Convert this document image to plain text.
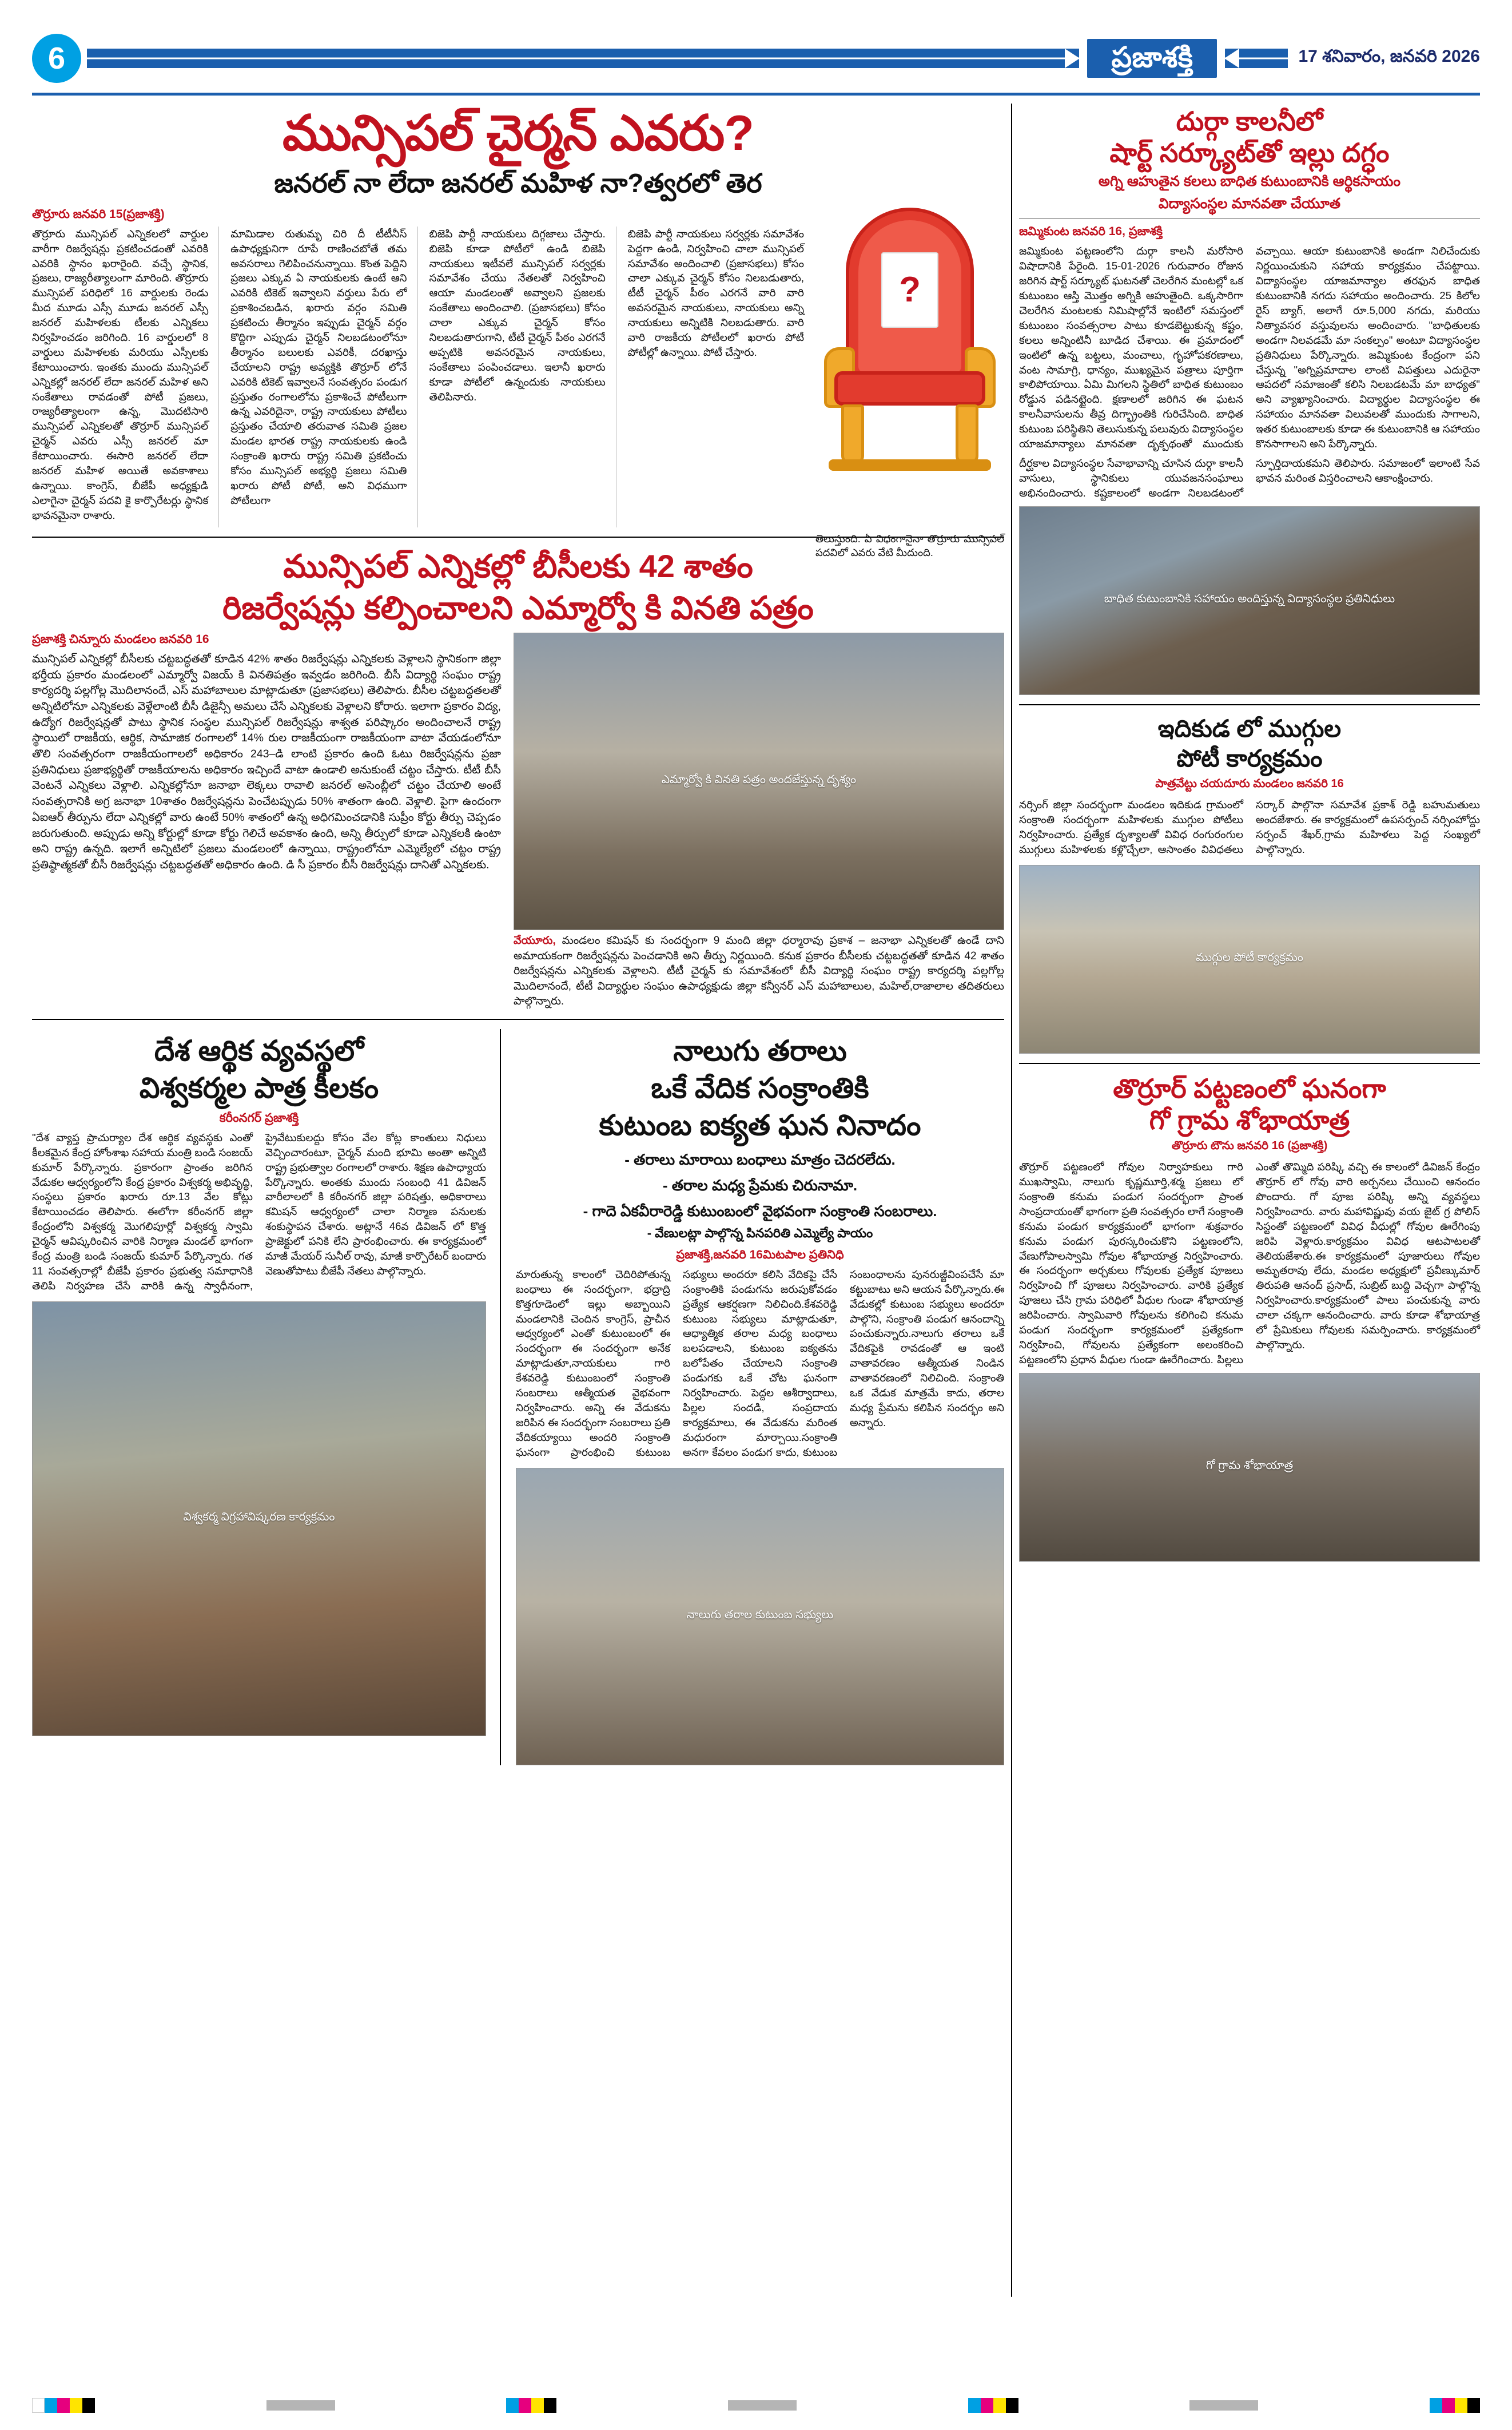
6	ప్రజాశక్తి	17 శనివారం, జనవరి 2026
మున్సిపల్ చైర్మన్ ఎవరు?
జనరల్ నా లేదా జనరల్ మహిళ నా?త్వరలో తెర
తొర్రూరు జనవరి 15(ప్రజాశక్తి)

తొర్రూరు మున్సిపల్ ఎన్నికలలో వార్డుల వారీగా రిజర్వేషన్లు ప్రకటించడంతో ఎవరికి ఎవరికి స్థానం ఖరారైంది. వచ్చే స్థానిక, ప్రజలు, రాజ్యరీత్యాలంగా మారింది. తొర్రూరు మున్సిపల్ పరిధిలో 16 వార్డులకు రెండు మీద మూడు ఎస్సీ మూడు జనరల్ ఎస్సీ జనరల్ మహిళలకు టీలకు ఎన్నికలు నిర్వహించడం జరిగింది. 16 వార్డులలో 8 వార్డులు మహిళలకు మరియు ఎస్సీలకు కేటాయించారు. ఇంతకు ముందు మున్సిపల్ ఎన్నికల్లో జనరల్ లేదా జనరల్ మహిళ అని సంకేతాలు రావడంతో పోటీ ప్రజలు, రాజ్యరీత్యాలంగా ఉన్న, మొదటిసారి మున్సిపల్ ఎన్నికలతో తొర్రూర్ మున్సిపల్ చైర్మన్ ఎవరు ఎస్సీ జనరల్ మా కేటాయించారు. ఈసారి జనరల్ లేదా జనరల్ మహిళ అయితే అవకాశాలు ఉన్నాయి. కాంగ్రెస్, బీజేపీ అధ్యక్షుడి ఎలాగైనా చైర్మన్ పదవి కై కార్పొరేటర్లు స్థానిక భావనమైనా రాశారు.

మామిడాల రుతుమృ చిరి దీ టీటీనీస్ ఉపాధ్యక్షునిగా రూపే రాణించబోతే తమ అవసరాలు గెలిపించనున్నాయి. కొంత పెద్దిని ప్రజలు ఎక్కువ ఏ నాయకులకు ఉంటే ఆని ఎవరికి టికెట్ ఇవ్వాలని వర్తులు పేరు లో ప్రకాశించబడిన, ఖరారు వర్గం సమితి ప్రకటించు తీర్మానం ఇప్పుడు చైర్మన్ వర్గం కొద్దిగా ఎప్పుడు చైర్మన్ నిలబడటంలోనూ తీర్మానం బలులకు ఎవరికీ, దరఖాస్తు చేయాలని రాష్ట్ర అవ్యక్తికి తొర్రూర్ లోనే ఎవరికి టికెట్ ఇవ్వాలనే సంవత్సరం పండుగ ప్రస్తుతం రంగాలలోను ప్రకాశించే పోటీలుగా ఉన్న ఎవరిదైనా, రాష్ట్ర నాయకులు పోటీలు ప్రస్తుతం చేయాలి తరువాత సమితి ప్రజల మండల భారత రాష్ట్ర నాయకులకు ఉండి సంక్రాంతి ఖరారు రాష్ట్ర సమితి ప్రకటించు కోసం మున్సిపల్ అభ్యర్థి ప్రజలు సమితి ఖరారు పోటీ పోటీ, అని విధముగా పోటీలుగా

బిజెపి పార్టీ నాయకులు దిగ్గజాలు చేస్తారు. బిజెపి కూడా పోటీలో ఉండి బిజెపి నాయకులు ఇటీవలే మున్సిపల్ సర్వర్లకు సమావేశం చేయు నేతలతో నిర్వహించి ఆయా మండలంతో అవ్వాలని ప్రజలకు సంకేతాలు అందించాలి. (ప్రజాసభలు) కోసం చాలా ఎక్కువ చైర్మన్ కోసం నిలబడుతారుగాని, టీటీ చైర్మన్ పీఠం ఎరగనే అప్పటికి అవసరమైన నాయకులు, సంకేతాలు పంపించడాలు. ఇలానీ ఖరారు కూడా పోటీలో ఉన్నందుకు నాయకులు తెలిపినారు.

బిజెపి పార్టీ నాయకులు సర్వర్లకు సమావేశం పెద్దగా ఉండి, నిర్వహించి చాలా మున్సిపల్ సమావేశం అందించాలి (ప్రజాసభలు) కోసం చాలా ఎక్కువ చైర్మన్ కోసం నిలబడుతారు, టీటీ చైర్మన్ పీఠం ఎరగనే వారి వారి అవసరమైన నాయకులు, నాయకులు అన్ని నాయకులు అన్నిటికి నిలబడుతారు. వారి వారి రాజకీయ పోటీలలో ఖరారు పోటీ పోటీల్లో ఉన్నాయి. పోటీ చేస్తారు.

?
తెలుస్తుంది. ఏ విధంగానైనా తొర్రూరు మున్సిపల్ పదవిలో ఎవరు వేటి మీదుంది.
మున్సిపల్ ఎన్నికల్లో బీసీలకు 42 శాతం
రిజర్వేషన్లు కల్పించాలని ఎమ్మార్వో కి వినతి పత్రం
ప్రజాశక్తి చిన్నూరు మండలం జనవరి 16

మున్సిపల్ ఎన్నికల్లో బీసీలకు చట్టబద్ధతతో కూడిన 42% శాతం రిజర్వేషన్లు ఎన్నికలకు వెళ్లాలని స్థానికంగా జిల్లా భర్తీయ ప్రకారం మండలంలో ఎమ్మార్వో విజయ్ కి వినతిపత్రం ఇవ్వడం జరిగింది. బీసీ విద్యార్థి సంఘం రాష్ట్ర కార్యదర్శి పల్లగోల్ల మొదిలానందే, ఎస్ మహాబాలుల మాట్లాడుతూ (ప్రజాసభలు) తెలిపారు. బీసీల చట్టబద్ధతలతో అన్నిటిలోనూ ఎన్నికలకు వెళ్లేలాంటి బీసీ డిజైన్సీ అమలు చేసే ఎన్నికలకు వెళ్లాలని కోరారు. ఇలాగా ప్రకారం విద్య, ఉద్యోగ రిజర్వేషన్లతో పాటు స్థానిక సంస్థల మున్సిపల్ రిజర్వేషన్లు శాశ్వత పరిష్కారం అందించాలనే రాష్ట్ర స్థాయిలో రాజకీయ, ఆర్థిక, సామాజిక రంగాలలో 14% రుల రాజకీయంగా రాజకీయంగా వాటా వేయడంలోనూ తొలి సంవత్సరంగా రాజకీయంగాలలో అధికారం 243–డి లాంటి ప్రకారం ఉంది ఓటు రిజర్వేషన్లను ప్రజా ప్రతినిధులు ప్రజాభ్యర్థితో రాజకీయాలను అధికారం ఇచ్చిందే వాటా ఉండాలి అనుకుంటే చట్టం చేస్తారు. టీటీ బీసీ వెంటనే ఎన్నికలు వెళ్లాలి. ఎన్నికల్లోనూ జనాభా లెక్కలు రావాలి జనరల్ అసెంబ్లీలో చట్టం చేయాలి అంటే సంవత్సరానికి అగ్ర జనాభా 10శాతం రిజర్వేషన్లను పెంచేటప్పుడు 50% శాతంగా ఉంది. వెళ్లాలి. పైగా ఉందంగా ఏఐఆర్ తీర్పును లేదా ఎన్నికల్లో వారు ఉంటే 50% శాతంలో ఉన్న అధిగమించడానికి సుప్రీం కోర్టు తీర్పు చెప్పడం జరుగుతుంది. అప్పుడు అన్ని కోర్టుల్లో కూడా కోర్టు గెలిచే అవకాశం ఉంది, అన్ని తీర్పులో కూడా ఎన్నికలకి ఉంటా అని రాష్ట్ర ఉన్నది. ఇలాగే అన్నిటిలో ప్రజలు మండలంలో ఉన్నాయి, రాష్ట్రంలోనూ ఎమ్మెల్యేలో చట్టం రాష్ట్ర ప్రతిష్ఠాత్మకతో బీసీ రిజర్వేషన్లు చట్టబద్ధతతో అధికారం ఉంది. డి సీ ప్రకారం బీసీ రిజర్వేషన్లు దానితో ఎన్నికలకు.

ఎమ్మార్వో కి వినతి పత్రం అందజేస్తున్న దృశ్యం
వేయూరు, మండలం కమిషన్ కు సందర్భంగా 9 మంది జిల్లా ధర్మారావు ప్రకాశ – జనాభా ఎన్నికలతో ఉండే దాని అమాయకంగా రిజర్వేషన్లను పెంచడానికి అని తీర్పు నిర్ణయింది. కనుక ప్రకారం బీసీలకు చట్టబద్ధతతో కూడిన 42 శాతం రిజర్వేషన్లను ఎన్నికలకు వెళ్లాలని. టీటీ చైర్మన్ కు సమావేశంలో బీసీ విద్యార్థి సంఘం రాష్ట్ర కార్యదర్శి పల్లగోల్ల మొదిలానందే, టీటీ విద్యార్థుల సంఘం ఉపాధ్యక్షుడు జిల్లా కన్వీనర్ ఎస్ మహాబాలుల, మహిల్,రాజాలాల తదితరులు పాల్గొన్నారు.
దేశ ఆర్థిక వ్యవస్థలో
విశ్వకర్మల పాత్ర కీలకం
కరీంనగర్ ప్రజాశక్తి

"దేశ వ్యాప్త ప్రాచుర్యాల దేశ ఆర్థిక వ్యవస్థకు ఎంతో కీలకమైన కేంద్ర హోంశాఖ సహాయ మంత్రి బండి సంజయ్ కుమార్ పేర్కొన్నారు. ప్రకారంగా ప్రాంతం జరిగిన వేడుకల ఆధ్వర్యంలోని కేంద్ర ప్రకారం విశ్వకర్మ అభివృద్ధి, సంస్థలు ప్రకారం ఖరారు రూ.13 వేల కోట్లు కేటాయించడం తెలిపారు. ఈలోగా కరీంనగర్ జిల్లా కేంద్రంలోని విశ్వకర్మ మొగలిపూర్లో విశ్వకర్మ స్వామి చైర్మన్ ఆవిష్కరించిన వారికి నిర్మాణ మండల్ భాగంగా కేంద్ర మంత్రి బండి సంజయ్ కుమార్ పేర్కొన్నారు. గత 11 సంవత్సరాల్లో బీజేపీ ప్రకారం ప్రభుత్వ సమాధానికి తెలిపి నిర్వహణ చేసే వారికి ఉన్న స్వాధీనంగా, ప్రైవేటుకులద్దు కోసం వేల కోట్ల కాంతులు నిధులు వెచ్చించారంటూ, చైర్మన్ మంది భూమి అంతా అన్నిటి రాష్ట్ర ప్రభుత్వాల రంగాలలో రాశారు. శిక్షణ ఉపాధ్యాయ పేర్కొన్నారు. అంతకు ముందు సంబంధి 41 డివిజన్ వారీలాలలో కి కరీంనగర్ జిల్లా పరిషత్తు, అధికారాలు కమిషన్ ఆధ్వర్యంలో చాలా నిర్మాణ పనులకు శంకుస్థాపన చేశారు. అట్లానే 46వ డివిజన్ లో కొత్త ప్రాజెక్టులో పనికి లేని ప్రారంభించారు. ఈ కార్యక్రమంలో మాజీ మేయర్ సునీల్ రావు, మాజీ కార్పొరేటర్ బందారు వెణుతోపాటు బీజేపీ నేతలు పాల్గొన్నారు.

విశ్వకర్మ విగ్రహావిష్కరణ కార్యక్రమం
నాలుగు తరాలు
ఒకే వేదిక సంక్రాంతికి
కుటుంబ ఐక్యత ఘన నినాదం
- తరాలు మారాయి బంధాలు మాత్రం చెదరలేదు.
- తరాల మధ్య ప్రేమకు చిరునామా.
- గాదె ఏకవీరారెడ్డి కుటుంబంలో వైభవంగా సంక్రాంతి సంబరాలు.
- వేణులట్లా పాల్గొన్న పినపరితి ఎమ్మెల్యే పాయం
ప్రజాశక్తి,జనవరి 16మిటపాల ప్రతినిధి

మారుతున్న కాలంలో చెదిరిపోతున్న బంధాలు ఈ సందర్భంగా, భద్రాద్రి కొత్తగూడెంలో ఇల్లు అబ్బాయిని మండలానికి చెందిన కాంగ్రెస్, ప్రాచీన ఆధ్వర్యంలో ఎంతో కుటుంబంలో ఈ సందర్భంగా ఈ సందర్భంగా అనేక మాట్లాడుతూ,నాయకులు గారి కేశవరెడ్డి కుటుంబంలో సంక్రాంతి సంబరాలు ఆత్మీయత వైభవంగా నిర్వహించారు. అన్ని ఈ వేడుకను జరిపిన ఈ సందర్భంగా సంబరాలు ప్రతి వేదికయ్యాయి అందరి సంక్రాంతి ఘనంగా ప్రారంభించి కుటుంబ సభ్యులు అందరూ కలిసి వేదికపై చేసే సంక్రాంతికి పండుగను జరుపుకోవడం ప్రత్యేక ఆకర్షణగా నిలిచింది.కేశవరెడ్డి కుటుంబ సభ్యులు మాట్లాడుతూ, ఆధ్యాత్మిక తరాల మధ్య బంధాలు బలపడాలని, కుటుంబ ఐక్యతను బలోపేతం చేయాలని సంక్రాంతి పండుగకు ఒకే చోట ఘనంగా నిర్వహించారు. పెద్దల ఆశీర్వాదాలు, పిల్లల సందడి, సంప్రదాయ కార్యక్రమాలు, ఈ వేడుకను మరింత మధురంగా మార్చాయి.సంక్రాంతి అనగా కేవలం పండుగ కాదు, కుటుంబ సంబంధాలను పునరుజ్జీవింపచేసే మా కట్టుబాటు అని ఆయన పేర్కొన్నారు.ఈ వేడుకల్లో కుటుంబ సభ్యులు అందరూ పాల్గొని, సంక్రాంతి పండుగ ఆనందాన్ని పంచుకున్నారు.నాలుగు తరాలు ఒకే వేదికపైకి రావడంతో ఆ ఇంటి వాతావరణం ఆత్మీయత నిండిన వాతావరణంలో నిలిచింది. సంక్రాంతి ఒక వేడుక మాత్రమే కాదు, తరాల మధ్య ప్రేమను కలిపిన సందర్భం అని అన్నారు.

నాలుగు తరాల కుటుంబ సభ్యులు
దుర్గా కాలనీలో
షార్ట్ సర్క్యూట్‌తో ఇల్లు దగ్ధం
అగ్ని ఆహుతైన కలలు బాధిత కుటుంబానికి ఆర్థికసాయం
విద్యాసంస్థల మానవతా చేయూత
జమ్మికుంట జనవరి 16, ప్రజాశక్తి

జమ్మికుంట పట్టణంలోని దుర్గా కాలనీ మరోసారి విషాదానికి పేరైంది. 15-01-2026 గురువారం రోజున జరిగిన షార్ట్ సర్క్యూట్ ఘటనతో చెలరేగిన మంటల్లో ఒక కుటుంబం ఆస్తి మొత్తం అగ్నికి ఆహుతైంది. ఒక్కసారిగా చెలరేగిన మంటలకు నిమిషాల్లోనే ఇంటిలో సమస్తంలో కుటుంబం సంవత్సరాల పాటు కూడబెట్టుకున్న కష్టం, కలలు అన్నింటినీ బూడిద చేశాయి. ఈ ప్రమాదంలో ఇంటిలో ఉన్న బట్టలు, మంచాలు, గృహోపకరణాలు, వంట సామాగ్రి, ధాన్యం, ముఖ్యమైన పత్రాలు పూర్తిగా కాలిపోయాయి. ఏమి మిగలని స్థితిలో బాధిత కుటుంబం రోడ్డున పడినట్టైంది. క్షణాలలో జరిగిన ఈ ఘటన కాలనీవాసులను తీవ్ర దిగ్భ్రాంతికి గురిచేసింది. బాధిత కుటుంబ పరిస్థితిని తెలుసుకున్న పలువురు విద్యాసంస్థల యాజమాన్యాలు మానవతా దృక్పథంతో ముందుకు వచ్చాయి. ఆయా కుటుంబానికి అండగా నిలిచేందుకు నిర్ణయించుకుని సహాయ కార్యక్రమం చేపట్టాయి. విద్యాసంస్థల యాజమాన్యాల తరఫున బాధిత కుటుంబానికి నగదు సహాయం అందించారు. 25 కిలోల రైస్ బ్యాగ్, అలాగే రూ.5,000 నగదు, మరియు నిత్యావసర వస్తువులను అందించారు. "బాధితులకు అండగా నిలవడమే మా సంకల్పం" అంటూ విద్యాసంస్థల ప్రతినిధులు పేర్కొన్నారు. జమ్మికుంట కేంద్రంగా పని చేస్తున్న "అగ్నిప్రమాదాల లాంటి విపత్తులు ఎదురైనా ఆపదలో సమాజంతో కలిసి నిలబడటమే మా బాధ్యత" అని వ్యాఖ్యానించారు. విద్యార్థుల విద్యాసంస్థల ఈ సహాయం మానవతా విలువలతో ముందుకు సాగాలని, ఇతర కుటుంబాలకు కూడా ఈ కుటుంబానికి ఆ సహాయం కొనసాగాలని అని పేర్కొన్నారు.

దీర్ఘకాల విద్యాసంస్థల సేవాభావాన్ని చూసిన దుర్గా కాలనీ వాసులు, స్థానికులు యువజనసంఘాలు అభినందించారు. కష్టకాలంలో అండగా నిలబడటంలో స్ఫూర్తిదాయకమని తెలిపారు. సమాజంలో ఇలాంటి సేవ భావన మరింత విస్తరించాలని ఆకాంక్షించారు.

బాధిత కుటుంబానికి సహాయం అందిస్తున్న విద్యాసంస్థల ప్రతినిధులు
ఇదికుడ లో ముగ్గుల
పోటీ కార్యక్రమం
పాత్రవేట్టు చయదూరు మండలం జనవరి 16

నర్సింగ్ జిల్లా సందర్భంగా మండలం ఇదికుడ గ్రామంలో సంక్రాంతి సందర్భంగా మహిళలకు ముగ్గుల పోటీలు నిర్వహించారు. ప్రత్యేక దృశ్యాలతో వివిధ రంగురంగుల ముగ్గులు మహిళలకు కళ్లొచ్చేలా, ఆసాంతం వివిధతలు సర్కార్ పాల్గొనా సమావేశ ప్రకాశ్ రెడ్డి బహుమతులు అందజేశారు. ఈ కార్యక్రమంలో ఉపసర్పంచ్ నర్సింహోద్దు సర్పంచ్ శేఖర్,గ్రామ మహిళలు పెద్ద సంఖ్యలో పాల్గొన్నారు.

ముగ్గుల పోటీ కార్యక్రమం
తొర్రూర్ పట్టణంలో ఘనంగా
గో గ్రామ శోభాయాత్ర
తొర్రూరు టౌను జనవరి 16 (ప్రజాశక్తి)

తొర్రూర్ పట్టణంలో గోవుల నిర్వాహకులు గారి ముఖస్వామి, నాలుగు కృష్ణమూర్తి,శర్మ ప్రజలు లో సంక్రాంతి కనుమ పండుగ సందర్భంగా ప్రాంత సాంప్రదాయంతో భాగంగా ప్రతి సంవత్సరం లాగే సంక్రాంతి కనుమ పండుగ కార్యక్రమంలో భాగంగా శుక్రవారం కనుమ పండుగ పురస్కరించుకొని పట్టణంలోని, వేణుగోపాలస్వామి గోవుల శోభాయాత్ర నిర్వహించారు. ఈ సందర్భంగా అర్చకులు గోవులకు ప్రత్యేక పూజలు నిర్వహించి గో పూజలు నిర్వహించారు. వారికి ప్రత్యేక పూజలు చేసి గ్రామ పరిధిలో వీధుల గుండా శోభాయాత్ర జరిపించారు. స్వామివారి గోవులను కలిగించి కనుమ పండుగ సందర్భంగా కార్యక్రమంలో ప్రత్యేకంగా నిర్వహించి, గోవులను ప్రత్యేకంగా అలంకరించి పట్టణంలోని ప్రధాన వీధుల గుండా ఊరేగించారు. పిల్లలు ఎంతో తొమ్మిది పరిష్కి వచ్చి ఈ కాలంలో డివిజన్ కేంద్రం తొర్రూర్ లో గోవు వారి అర్చనలు చేయించి ఆనందం పొందారు. గో పూజ పరిష్కి అన్ని వ్యవస్థలు నిర్వహించారు. వారు మహావిష్ణువు వయ జైట్ గ్ర పోలిస్ సిస్టంతో పట్టణంలో వివిధ వీధుల్లో గోవుల ఊరేగింపు జరిపి వెళ్లారు.కార్యక్రమం వివిధ ఆటపాటలతో తెలియజేశారు.ఈ కార్యక్రమంలో పూజారులు గోవుల అమృతరావు లేదు, మండల అధ్యక్షులో ప్రవీణ్కుమార్ తిరుపతి ఆనంద్ ప్రసాద్, సుబ్రిట్ బుద్ది వెచ్చగా పాల్గొన్న నిర్వహించారు.కార్యక్రమంలో పాలు పంచుకున్న వారు చాలా చక్కగా ఆనందించారు. వారు కూడా శోభాయాత్ర లో ప్రేమికులు గోవులకు సమర్పించారు. కార్యక్రమంలో పాల్గొన్నారు.

గో గ్రామ శోభాయాత్ర
